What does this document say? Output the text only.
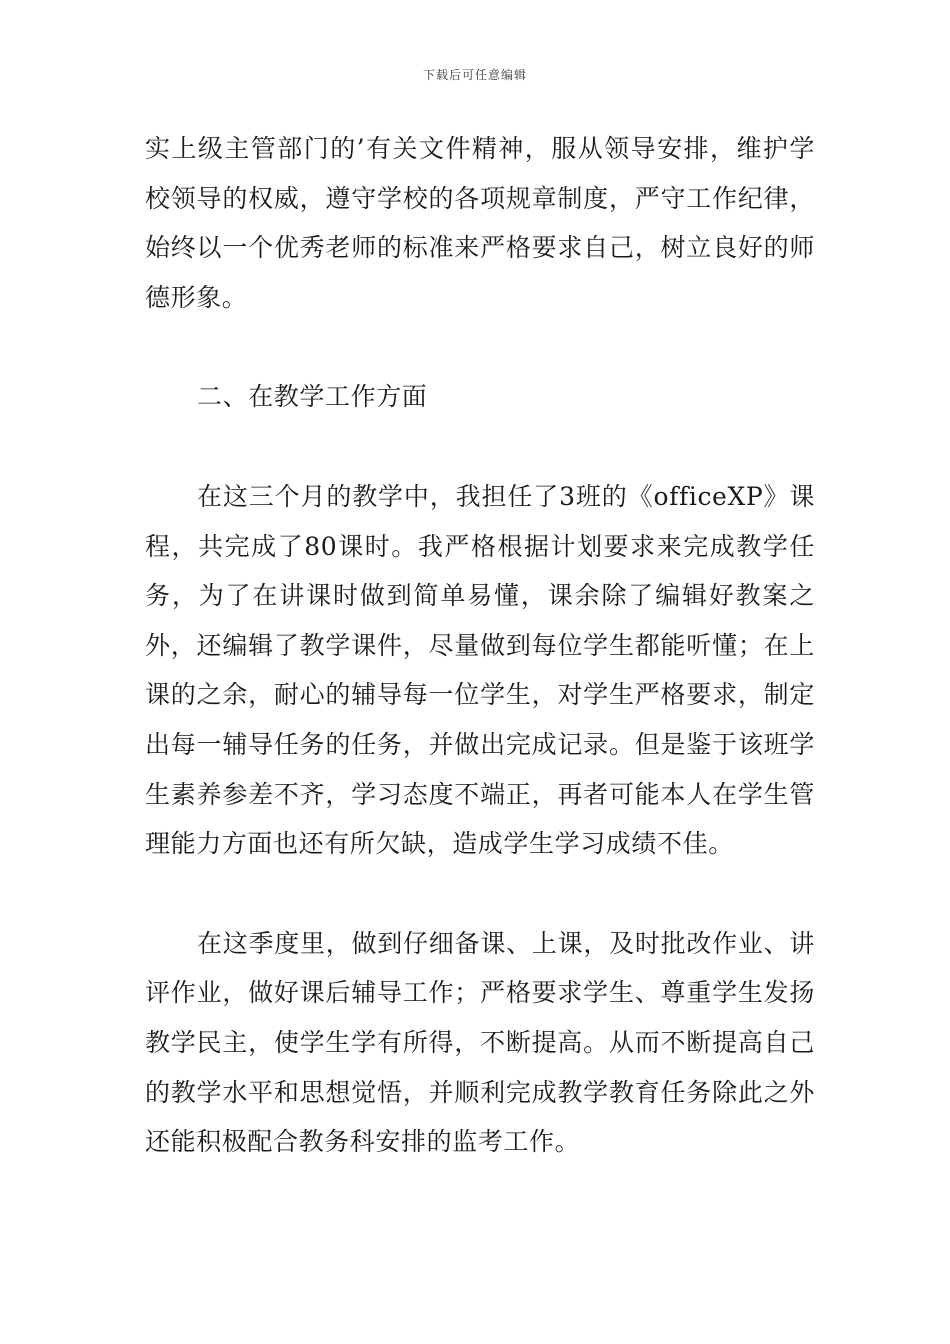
下载后可任意编辑

实上级主管部门的’有关文件精神，服从领导安排，维护学校领导的权威，遵守学校的各项规章制度，严守工作纪律，始终以一个优秀老师的标准来严格要求自己，树立良好的师德形象。

二、在教学工作方面

在这三个月的教学中，我担任了3班的《officeXP》课程，共完成了80课时。我严格根据计划要求来完成教学任务，为了在讲课时做到简单易懂，课余除了编辑好教案之外，还编辑了教学课件，尽量做到每位学生都能听懂；在上课的之余，耐心的辅导每一位学生，对学生严格要求，制定出每一辅导任务的任务，并做出完成记录。但是鉴于该班学生素养参差不齐，学习态度不端正，再者可能本人在学生管理能力方面也还有所欠缺，造成学生学习成绩不佳。

在这季度里，做到仔细备课、上课，及时批改作业、讲评作业，做好课后辅导工作；严格要求学生、尊重学生发扬教学民主，使学生学有所得，不断提高。从而不断提高自己的教学水平和思想觉悟，并顺利完成教学教育任务除此之外还能积极配合教务科安排的监考工作。
